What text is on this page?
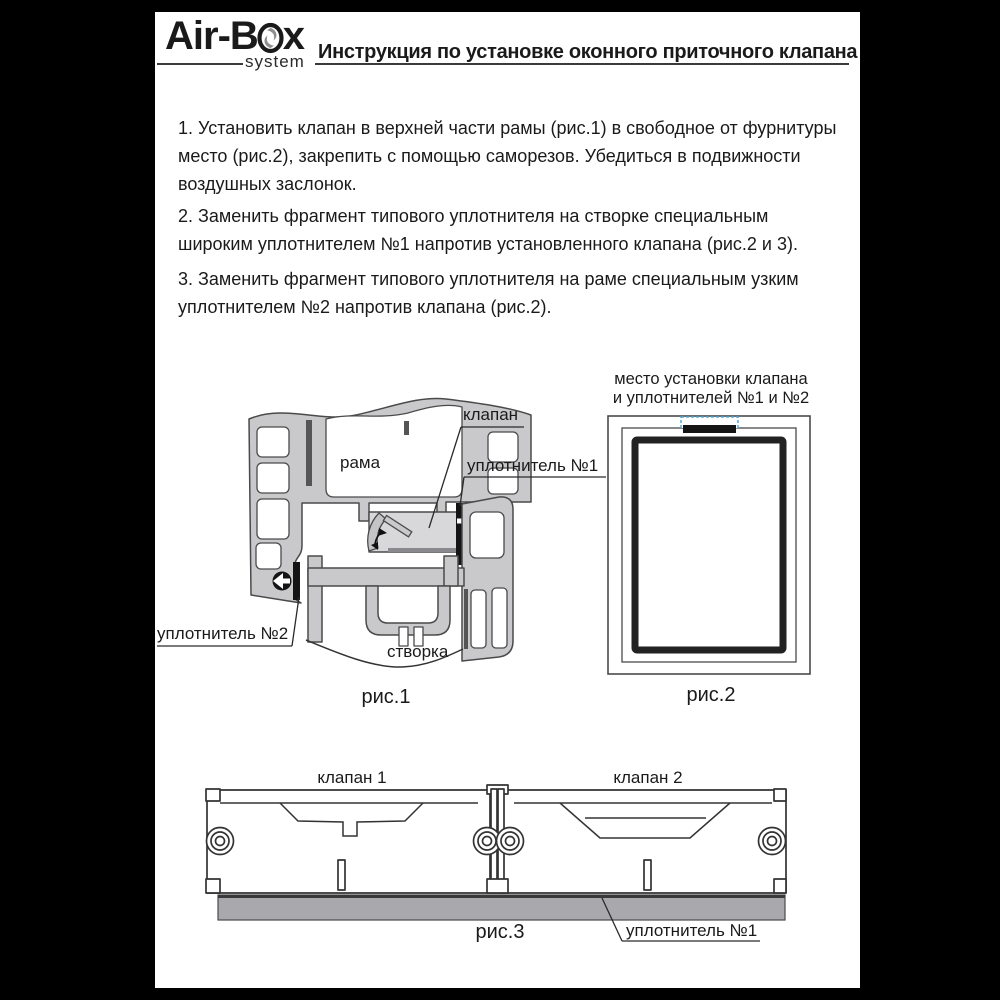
Air-B x
system Инструкция по установке оконного приточного клапана

1. Установить клапан в верхней части рамы (рис.1) в свободное от фурнитуры место (рис.2), закрепить с помощью саморезов. Убедиться в подвижности воздушных заслонок.

2. Заменить фрагмент типового уплотнителя на створке специальным широким уплотнителем №1 напротив установленного клапана (рис.2 и 3).

3. Заменить фрагмент типового уплотнителя на раме специальным узким уплотнителем №2 напротив клапана (рис.2).

рама
створка
клапан
уплотнитель №1
уплотнитель №2
рис.1
место установки клапана
и уплотнителей №1 и №2
рис.2
клапан 1	клапан 2
рис.3	уплотнитель №1
